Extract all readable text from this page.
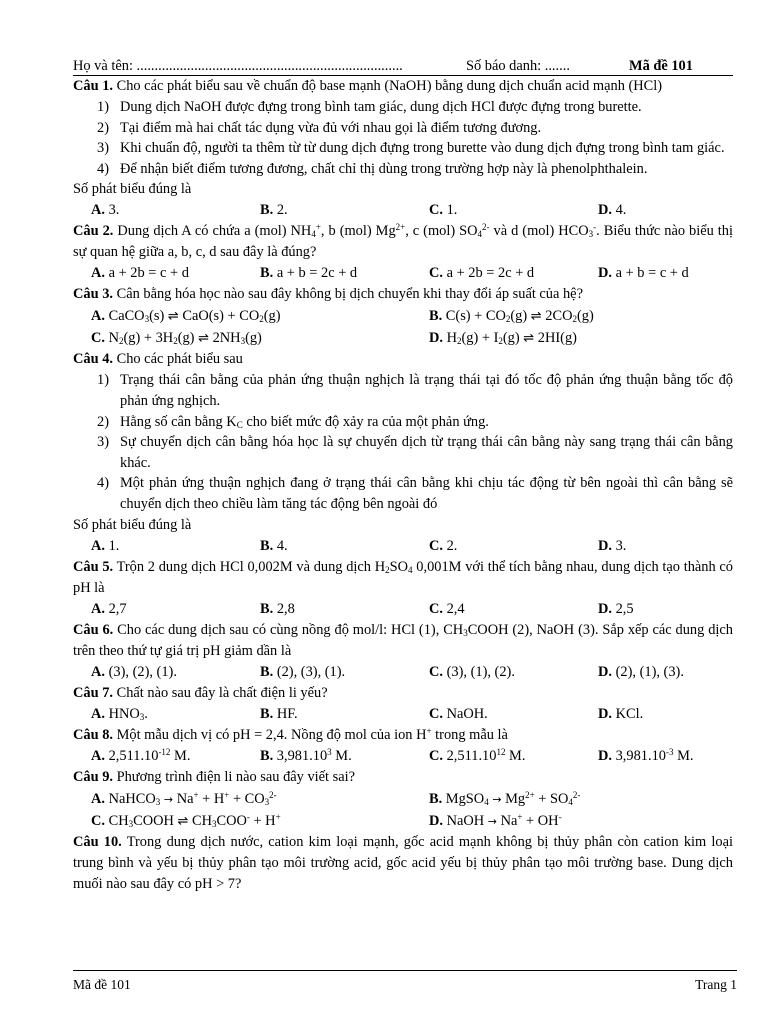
Họ và tên: ..........................................................................	Số báo danh: .......	Mã đề 101
Câu 1. Cho các phát biểu sau về chuẩn độ base mạnh (NaOH) bằng dung dịch chuẩn acid mạnh (HCl)
1) Dung dịch NaOH được đựng trong bình tam giác, dung dịch HCl được đựng trong burette.
2) Tại điểm mà hai chất tác dụng vừa đủ với nhau gọi là điểm tương đương.
3) Khi chuẩn độ, người ta thêm từ từ dung dịch đựng trong burette vào dung dịch đựng trong bình tam giác.
4) Để nhận biết điểm tương đương, chất chỉ thị dùng trong trường hợp này là phenolphthalein.
Số phát biểu đúng là
A. 3.	B. 2.	C. 1.	D. 4.
Câu 2. Dung dịch A có chứa a (mol) $NH_4^+$, b (mol) $Mg^{2+}$, c (mol) $SO_4^{2-}$ và d (mol) $HCO_3^-$. Biểu thức nào biểu thị sự quan hệ giữa a, b, c, d sau đây là đúng?
A. a + 2b = c + d	B. a + b = 2c + d	C. a + 2b = 2c + d	D. a + b = c + d
Câu 3. Cân bằng hóa học nào sau đây không bị dịch chuyển khi thay đổi áp suất của hệ?
A. CaCO$_3$(s) ⇌ $CaO(s) + CO_2(g)$	B. $C(s) + CO_2(g)$ ⇌ $2CO_2(g)$
C. $N_2(g) + 3H_2(g)$ ⇌ $2NH_3(g)$	D. $H_2(g) + I_2(g)$ ⇌ 2HI(g)
Câu 4. Cho các phát biểu sau
1) Trạng thái cân bằng của phản ứng thuận nghịch là trạng thái tại đó tốc độ phản ứng thuận bằng tốc độ phản ứng nghịch.
2) Hằng số cân bằng $K_C$ cho biết mức độ xảy ra của một phản ứng.
3) Sự chuyển dịch cân bằng hóa học là sự chuyển dịch từ trạng thái cân bằng này sang trạng thái cân bằng khác.
4) Một phản ứng thuận nghịch đang ở trạng thái cân bằng khi chịu tác động từ bên ngoài thì cân bằng sẽ chuyển dịch theo chiều làm tăng tác động bên ngoài đó
Số phát biểu đúng là
A. 1.	B. 4.	C. 2.	D. 3.
Câu 5. Trộn 2 dung dịch HCl 0,002M và dung dịch $H_2SO_4$ 0,001M với thể tích bằng nhau, dung dịch tạo thành có pH là
A. 2,7	B. 2,8	C. 2,4	D. 2,5
Câu 6. Cho các dung dịch sau có cùng nồng độ mol/l: HCl (1), $CH_3COOH$ (2), NaOH (3). Sắp xếp các dung dịch trên theo thứ tự giá trị pH giảm dần là
A. (3), (2), (1).	B. (2), (3), (1).	C. (3), (1), (2).	D. (2), (1), (3).
Câu 7. Chất nào sau đây là chất điện li yếu?
A. $HNO_3$.	B. HF.	C. NaOH.	D. KCl.
Câu 8. Một mẫu dịch vị có pH = 2,4. Nồng độ mol của ion H+ trong mẫu là
A. $2,511.10^{-12}$ M.	B. 3,981.10$^3$ M.	C. 2,511.10$^{12}$ M.	D. $3,981.10^{-3}$ M.
Câu 9. Phương trình điện li nào sau đây viết sai?
A. NaHCO$_3$ → $Na^+ + H^+ + CO_3^{2-}$	B. MgSO$_4$ → $Mg^{2+} + SO_4^{2-}$
C. $CH_3COOH$ ⇌ $CH_3COO^- + H^+$	D. NaOH → Na+ + OH-
Câu 10. Trong dung dịch nước, cation kim loại mạnh, gốc acid mạnh không bị thủy phân còn cation kim loại trung bình và yếu bị thủy phân tạo môi trường acid, gốc acid yếu bị thủy phân tạo môi trường base. Dung dịch muối nào sau đây có pH > 7?
Mã đề 101	Trang 1
